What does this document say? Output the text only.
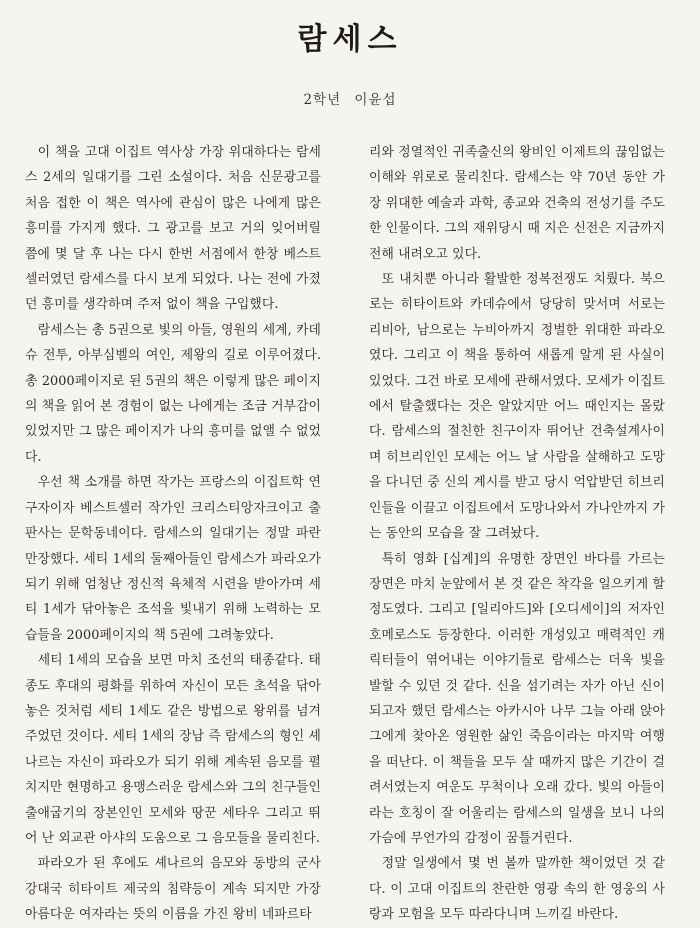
람세스
2학년 이윤섭

이 책을 고대 이집트 역사상 가장 위대하다는 람세스 2세의 일대기를 그린 소설이다. 처음 신문광고를 처음 접한 이 책은 역사에 관심이 많은 나에게 많은 흥미를 가지게 했다. 그 광고를 보고 거의 잊어버릴 쯤에 몇 달 후 나는 다시 한번 서점에서 한창 베스트셀러였던 람세스를 다시 보게 되었다. 나는 전에 가졌던 흥미를 생각하며 주저 없이 책을 구입했다.

람세스는 총 5권으로 빛의 아들, 영원의 세계, 카데슈 전투, 아부심벨의 여인, 제왕의 길로 이루어졌다. 총 2000페이지로 된 5권의 책은 이렇게 많은 페이지의 책을 읽어 본 경험이 없는 나에게는 조금 거부감이 있었지만 그 많은 페이지가 나의 흥미를 없앨 수 없었다.

우선 책 소개를 하면 작가는 프랑스의 이집트학 연구자이자 베스트셀러 작가인 크리스티앙자크이고 출판사는 문학동네이다. 람세스의 일대기는 정말 파란만장했다. 세티 1세의 둘째아들인 람세스가 파라오가 되기 위해 엄청난 정신적 육체적 시련을 받아가며 세티 1세가 닦아놓은 조석을 빛내기 위해 노력하는 모습들을 2000페이지의 책 5권에 그려놓았다.

세티 1세의 모습을 보면 마치 조선의 태종같다. 태종도 후대의 평화를 위하여 자신이 모든 초석을 닦아놓은 것처럼 세티 1세도 같은 방법으로 왕위를 넘겨주었던 것이다. 세티 1세의 장남 즉 람세스의 형인 셰나르는 자신이 파라오가 되기 위해 계속된 음모를 펼치지만 현명하고 용맹스러운 람세스와 그의 친구들인 출애굽기의 장본인인 모세와 땅꾼 세타우 그리고 뛰어 난 외교관 아샤의 도움으로 그 음모들을 물리친다.

파라오가 된 후에도 셰나르의 음모와 동방의 군사강대국 히타이트 제국의 침략등이 계속 되지만 가장 아름다운 여자라는 뜻의 이름을 가진 왕비 네파르타

리와 정열적인 귀족출신의 왕비인 이제트의 끊임없는 이해와 위로로 물리친다. 람세스는 약 70년 동안 가장 위대한 예술과 과학, 종교와 건축의 전성기를 주도한 인물이다. 그의 재위당시 때 지은 신전은 지금까지 전해 내려오고 있다.

또 내치뿐 아니라 활발한 정복전쟁도 치뤘다. 북으로는 히타이트와 카데슈에서 당당히 맞서며 서로는 리비아, 남으로는 누비아까지 정벌한 위대한 파라오였다. 그리고 이 책을 통하여 새롭게 알게 된 사실이 있었다. 그건 바로 모세에 관해서였다. 모세가 이집트에서 탈출했다는 것은 알았지만 어느 때인지는 몰랐다. 람세스의 절친한 친구이자 뛰어난 건축설계사이며 히브리인인 모세는 어느 날 사람을 살해하고 도망을 다니던 중 신의 계시를 받고 당시 억압받던 히브리인들을 이끌고 이집트에서 도망나와서 가나안까지 가는 동안의 모습을 잘 그려놨다.

특히 영화 [십계]의 유명한 장면인 바다를 가르는 장면은 마치 눈앞에서 본 것 같은 착각을 일으키게 할 정도였다. 그리고 [일리아드]와 [오디세이]의 저자인 호메로스도 등장한다. 이러한 개성있고 매력적인 캐릭터들이 엮어내는 이야기들로 람세스는 더욱 빛을 발할 수 있던 것 같다. 신을 섬기려는 자가 아닌 신이 되고자 했던 람세스는 아카시아 나무 그늘 아래 앉아 그에게 찾아온 영원한 삶인 죽음이라는 마지막 여행을 떠난다. 이 책들을 모두 살 때까지 많은 기간이 걸려서였는지 여운도 무척이나 오래 갔다. 빛의 아들이라는 호칭이 잘 어울리는 람세스의 일생을 보니 나의 가슴에 무언가의 감정이 꿈틀거린다.

정말 일생에서 몇 번 볼까 말까한 책이었던 것 같다. 이 고대 이집트의 찬란한 영광 속의 한 영웅의 사랑과 모험을 모두 따라다니며 느끼길 바란다.
